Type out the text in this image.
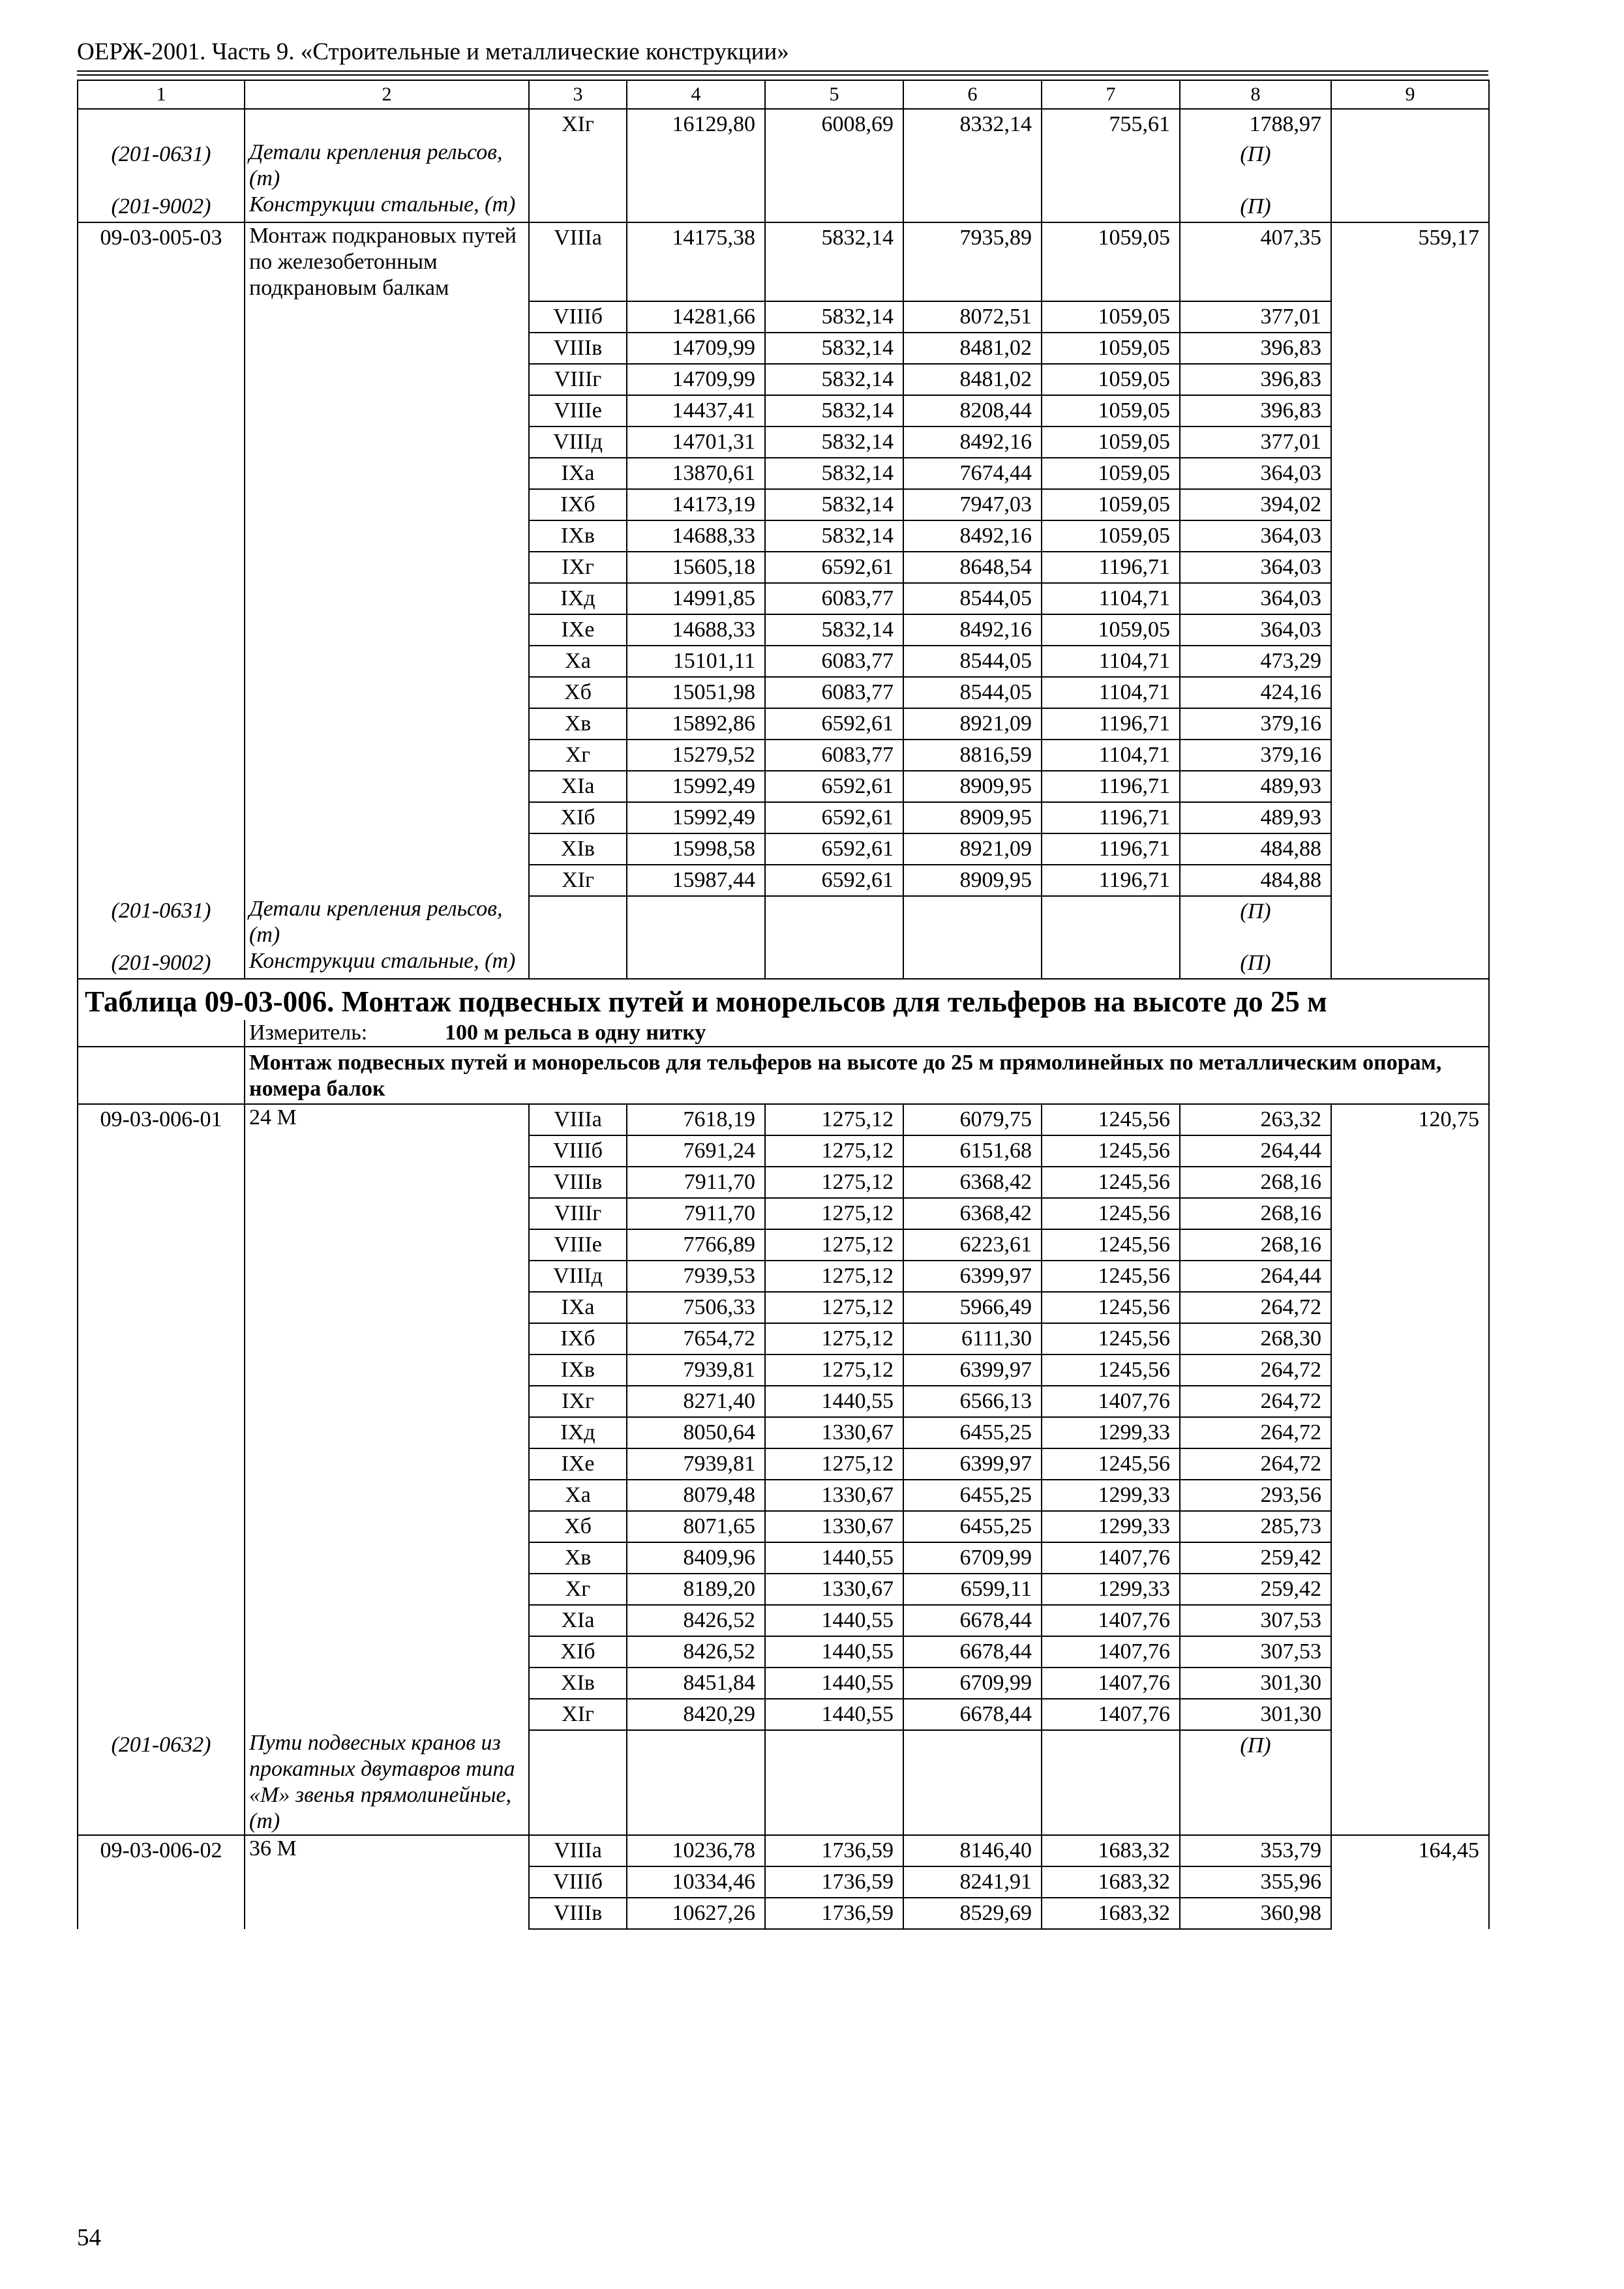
ОЕРЖ-2001. Часть 9. «Строительные и металлические конструкции»
1	2	3	4	5	6	7	8	9
		XIг	16129,80	6008,69	8332,14	755,61	1788,97	
(201-0631)	Детали крепления рельсов, (т)						(П)	
(201-9002)	Конструкции стальные, (т)						(П)	
09-03-005-03	Монтаж подкрановых путей по железобетонным подкрановым балкам	VIIIа	14175,38	5832,14	7935,89	1059,05	407,35	559,17
		VIIIб	14281,66	5832,14	8072,51	1059,05	377,01	
		VIIIв	14709,99	5832,14	8481,02	1059,05	396,83	
		VIIIг	14709,99	5832,14	8481,02	1059,05	396,83	
		VIIIе	14437,41	5832,14	8208,44	1059,05	396,83	
		VIIIд	14701,31	5832,14	8492,16	1059,05	377,01	
		IXа	13870,61	5832,14	7674,44	1059,05	364,03	
		IXб	14173,19	5832,14	7947,03	1059,05	394,02	
		IXв	14688,33	5832,14	8492,16	1059,05	364,03	
		IXг	15605,18	6592,61	8648,54	1196,71	364,03	
		IXд	14991,85	6083,77	8544,05	1104,71	364,03	
		IXе	14688,33	5832,14	8492,16	1059,05	364,03	
		Xа	15101,11	6083,77	8544,05	1104,71	473,29	
		Xб	15051,98	6083,77	8544,05	1104,71	424,16	
		Xв	15892,86	6592,61	8921,09	1196,71	379,16	
		Xг	15279,52	6083,77	8816,59	1104,71	379,16	
		XIа	15992,49	6592,61	8909,95	1196,71	489,93	
		XIб	15992,49	6592,61	8909,95	1196,71	489,93	
		XIв	15998,58	6592,61	8921,09	1196,71	484,88	
		XIг	15987,44	6592,61	8909,95	1196,71	484,88	
(201-0631)	Детали крепления рельсов, (т)						(П)	
(201-9002)	Конструкции стальные, (т)						(П)	
Таблица 09-03-006. Монтаж подвесных путей и монорельсов для тельферов на высоте до 25 м								
	Измеритель: 100 м рельса в одну нитку							
	Монтаж подвесных путей и монорельсов для тельферов на высоте до 25 м прямолинейных по металлическим опорам, номера балок							
09-03-006-01	24 М	VIIIа	7618,19	1275,12	6079,75	1245,56	263,32	120,75
		VIIIб	7691,24	1275,12	6151,68	1245,56	264,44	
		VIIIв	7911,70	1275,12	6368,42	1245,56	268,16	
		VIIIг	7911,70	1275,12	6368,42	1245,56	268,16	
		VIIIе	7766,89	1275,12	6223,61	1245,56	268,16	
		VIIIд	7939,53	1275,12	6399,97	1245,56	264,44	
		IXа	7506,33	1275,12	5966,49	1245,56	264,72	
		IXб	7654,72	1275,12	6111,30	1245,56	268,30	
		IXв	7939,81	1275,12	6399,97	1245,56	264,72	
		IXг	8271,40	1440,55	6566,13	1407,76	264,72	
		IXд	8050,64	1330,67	6455,25	1299,33	264,72	
		IXе	7939,81	1275,12	6399,97	1245,56	264,72	
		Xа	8079,48	1330,67	6455,25	1299,33	293,56	
		Xб	8071,65	1330,67	6455,25	1299,33	285,73	
		Xв	8409,96	1440,55	6709,99	1407,76	259,42	
		Xг	8189,20	1330,67	6599,11	1299,33	259,42	
		XIа	8426,52	1440,55	6678,44	1407,76	307,53	
		XIб	8426,52	1440,55	6678,44	1407,76	307,53	
		XIв	8451,84	1440,55	6709,99	1407,76	301,30	
		XIг	8420,29	1440,55	6678,44	1407,76	301,30	
(201-0632)	Пути подвесных кранов из прокатных двутавров типа «М» звенья прямолинейные, (т)						(П)	
09-03-006-02	36 М	VIIIа	10236,78	1736,59	8146,40	1683,32	353,79	164,45
		VIIIб	10334,46	1736,59	8241,91	1683,32	355,96	
		VIIIв	10627,26	1736,59	8529,69	1683,32	360,98	
54
